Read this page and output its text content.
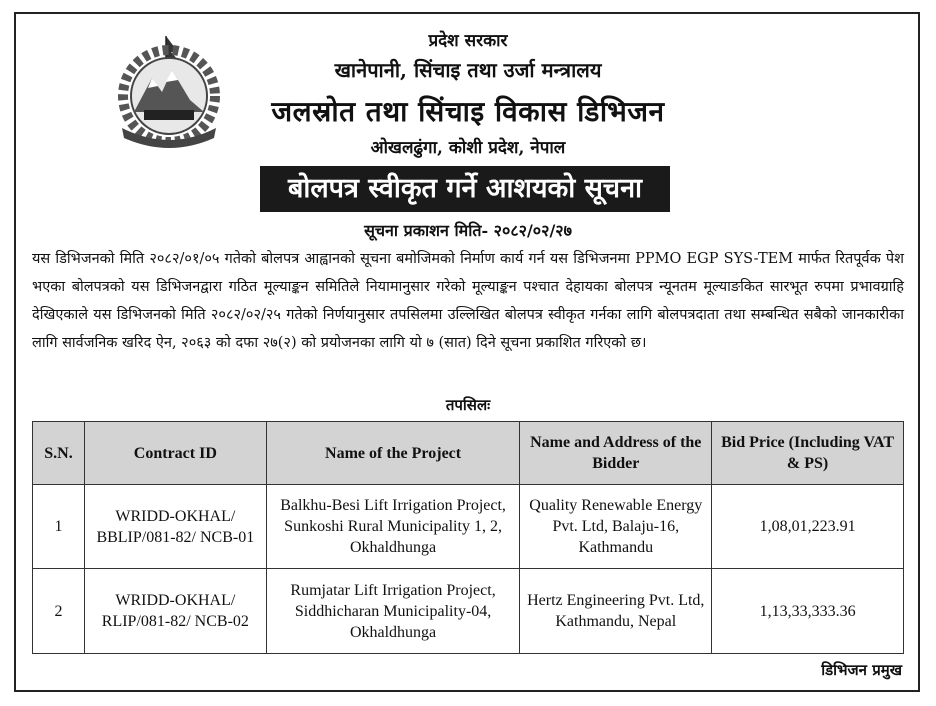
प्रदेश सरकार
खानेपानी, सिंचाइ तथा उर्जा मन्त्रालय
जलस्रोत तथा सिंचाइ विकास डिभिजन
ओखलढुंगा, कोशी प्रदेश, नेपाल
बोलपत्र स्वीकृत गर्ने आशयको सूचना
सूचना प्रकाशन मिति- २०८२/०२/२७
यस डिभिजनको मिति २०८२/०१/०५ गतेको बोलपत्र आह्वानको सूचना बमोजिमको निर्माण कार्य गर्न यस डिभिजनमा PPMO EGP SYS-TEM मार्फत रितपूर्वक पेश भएका बोलपत्रको यस डिभिजनद्वारा गठित मूल्याङ्कन समितिले नियामानुसार गरेको मूल्याङ्कन पश्चात देहायका बोलपत्र न्यूनतम मूल्याङकित सारभूत रुपमा प्रभावग्राहि देखिएकाले यस डिभिजनको मिति २०८२/०२/२५ गतेको निर्णयानुसार तपसिलमा उल्लिखित बोलपत्र स्वीकृत गर्नका लागि बोलपत्रदाता तथा सम्बन्धित सबैको जानकारीका लागि सार्वजनिक खरिद ऐन, २०६३ को दफा २७(२) को प्रयोजनका लागि यो ७ (सात) दिने सूचना प्रकाशित गरिएको छ।
तपसिलः
S.N.	Contract ID	Name of the Project	Name and Address of the Bidder	Bid Price (Including VAT & PS)
1	WRIDD-OKHAL/ BBLIP/081-82/ NCB-01	Balkhu-Besi Lift Irrigation Project, Sunkoshi Rural Municipality 1, 2, Okhaldhunga	Quality Renewable Energy Pvt. Ltd, Balaju-16, Kathmandu	1,08,01,223.91
2	WRIDD-OKHAL/ RLIP/081-82/ NCB-02	Rumjatar Lift Irrigation Project, Siddhicharan Municipality-04, Okhaldhunga	Hertz Engineering Pvt. Ltd, Kathmandu, Nepal	1,13,33,333.36
डिभिजन प्रमुख
